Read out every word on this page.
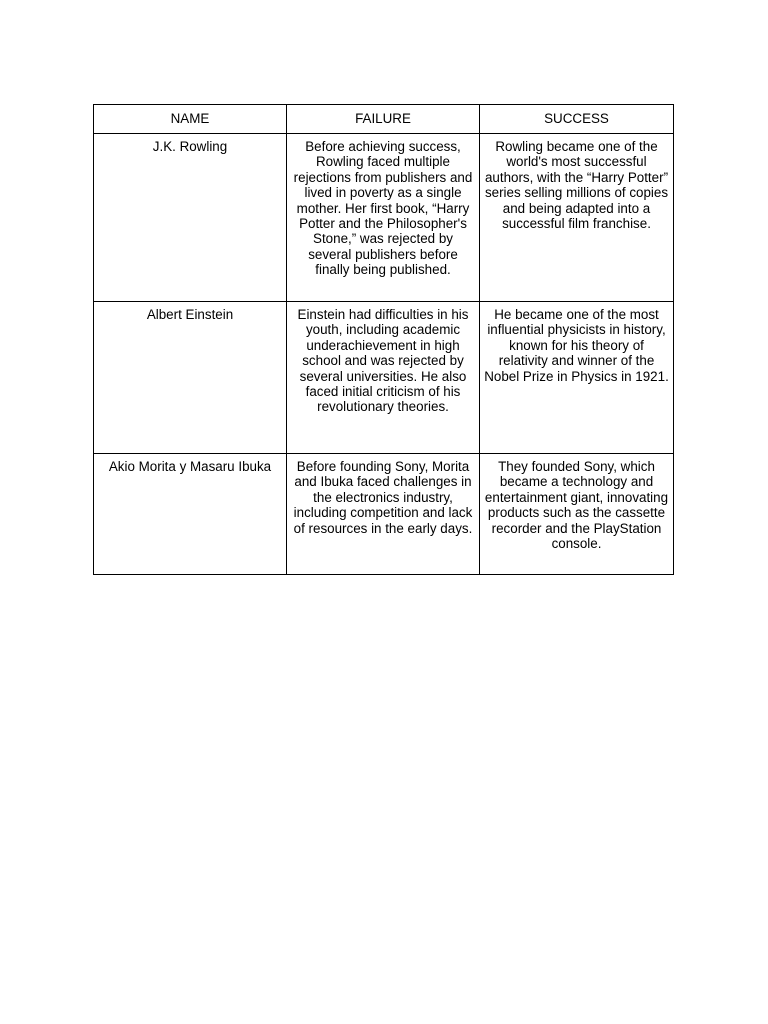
NAME	FAILURE	SUCCESS
J.K. Rowling	Before achieving success, Rowling faced multiple rejections from publishers and lived in poverty as a single mother. Her first book, “Harry Potter and the Philosopher's Stone,” was rejected by several publishers before finally being published.	Rowling became one of the world's most successful authors, with the “Harry Potter” series selling millions of copies and being adapted into a successful film franchise.
Albert Einstein	Einstein had difficulties in his youth, including academic underachievement in high school and was rejected by several universities. He also faced initial criticism of his revolutionary theories.	He became one of the most influential physicists in history, known for his theory of relativity and winner of the Nobel Prize in Physics in 1921.
Akio Morita y Masaru Ibuka	Before founding Sony, Morita and Ibuka faced challenges in the electronics industry, including competition and lack of resources in the early days.	They founded Sony, which became a technology and entertainment giant, innovating products such as the cassette recorder and the PlayStation console.
